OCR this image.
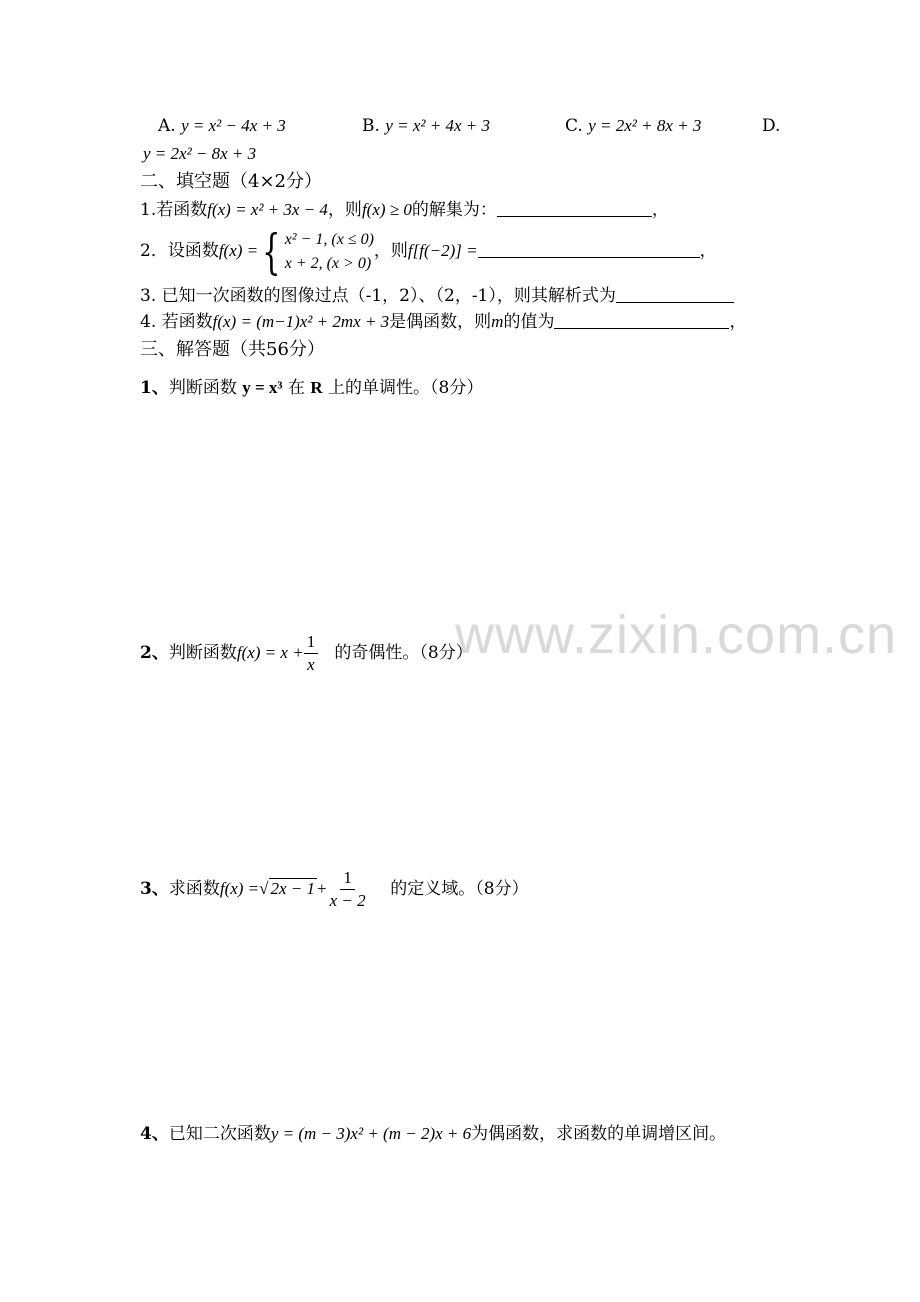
www.zixin.com.cn
A. y = x² − 4x + 3	B. y = x² + 4x + 3	C. y = 2x² + 8x + 3	D.
y = 2x² − 8x + 3
二、填空题（4×2分）
1.若函数f(x) = x² + 3x − 4，则f(x) ≥ 0的解集为：	，
2．设函数f(x) = { x² − 1, (x ≤ 0)
x + 2, (x > 0)
，则f[f(−2)] =	，
3. 已知一次函数的图像过点（-1，2）、（2，-1），则其解析式为
4. 若函数f(x) = (m−1)x² + 2mx + 3是偶函数，则m的值为	，
三、解答题（共56分）
1、判断函数 y = x³ 在 R 上的单调性。（8分）
2、判断函数$f(x) = x + \frac{1}{x}$ 的奇偶性。（8分）
3、求函数f(x) =√ $2x - 1 + \frac{1}{x - 2}$ 的定义域。（8分）
4、已知二次函数y = (m − 3)x² + (m − 2)x + 6为偶函数，求函数的单调增区间。
